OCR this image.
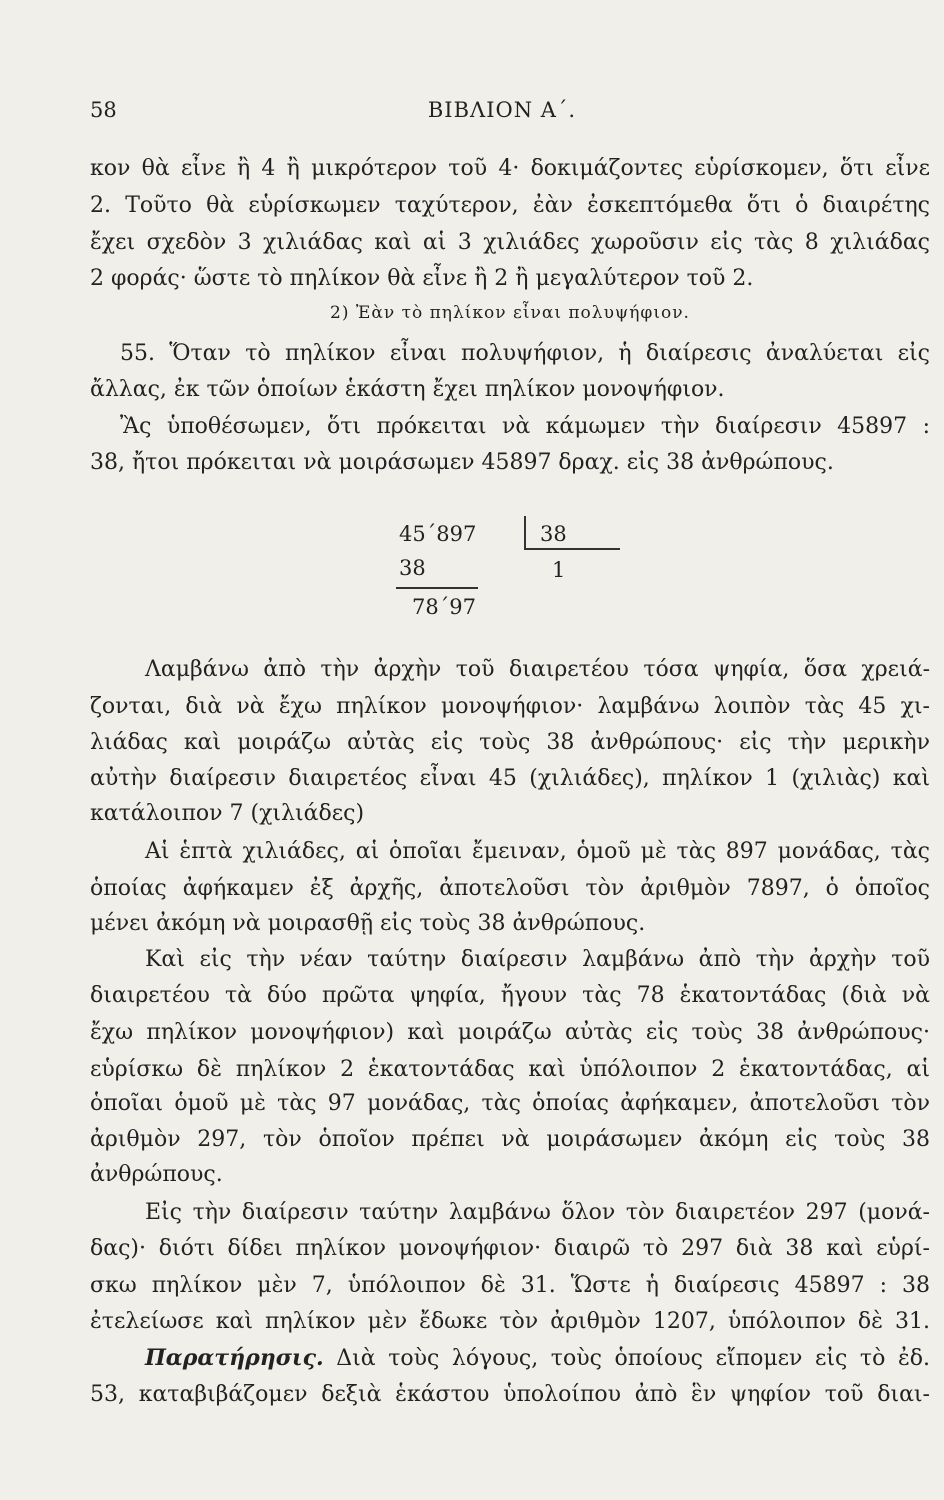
58	ΒΙΒΛΙΟΝ Α΄.
κον θὰ εἶνε ἢ 4 ἢ μικρότερον τοῦ 4· δοκιμάζοντες εὑρίσκομεν, ὅτι εἶνε
2. Τοῦτο θὰ εὑρίσκωμεν ταχύτερον, ἐὰν ἐσκεπτόμεθα ὅτι ὁ διαιρέτης
ἔχει σχεδὸν 3 χιλιάδας καὶ αἱ 3 χιλιάδες χωροῦσιν εἰς τὰς 8 χιλιάδας
2 φοράς· ὥστε τὸ πηλίκον θὰ εἶνε ἢ 2 ἢ μεγαλύτερον τοῦ 2.
2) Ἐὰν τὸ πηλίκον εἶναι πολυψήφιον.
55. Ὅταν τὸ πηλίκον εἶναι πολυψήφιον, ἡ διαίρεσις ἀναλύεται εἰς
ἄλλας, ἐκ τῶν ὁποίων ἑκάστη ἔχει πηλίκον μονοψήφιον.
Ἂς ὑποθέσωμεν, ὅτι πρόκειται νὰ κάμωμεν τὴν διαίρεσιν 45897 :
38, ἤτοι πρόκειται νὰ μοιράσωμεν 45897 δραχ. εἰς 38 ἀνθρώπους.
45΄897	38
38	1
78΄97
Λαμβάνω ἀπὸ τὴν ἀρχὴν τοῦ διαιρετέου τόσα ψηφία, ὅσα χρειά-
ζονται, διὰ νὰ ἔχω πηλίκον μονοψήφιον· λαμβάνω λοιπὸν τὰς 45 χι-
λιάδας καὶ μοιράζω αὐτὰς εἰς τοὺς 38 ἀνθρώπους· εἰς τὴν μερικὴν
αὐτὴν διαίρεσιν διαιρετέος εἶναι 45 (χιλιάδες), πηλίκον 1 (χιλιὰς) καὶ
κατάλοιπον 7 (χιλιάδες)
Αἱ ἑπτὰ χιλιάδες, αἱ ὁποῖαι ἔμειναν, ὁμοῦ μὲ τὰς 897 μονάδας, τὰς
ὁποίας ἀφήκαμεν ἐξ ἀρχῆς, ἀποτελοῦσι τὸν ἀριθμὸν 7897, ὁ ὁποῖος
μένει ἀκόμη νὰ μοιρασθῇ εἰς τοὺς 38 ἀνθρώπους.
Καὶ εἰς τὴν νέαν ταύτην διαίρεσιν λαμβάνω ἀπὸ τὴν ἀρχὴν τοῦ
διαιρετέου τὰ δύο πρῶτα ψηφία, ἤγουν τὰς 78 ἑκατοντάδας (διὰ νὰ
ἔχω πηλίκον μονοψήφιον) καὶ μοιράζω αὐτὰς εἰς τοὺς 38 ἀνθρώπους·
εὑρίσκω δὲ πηλίκον 2 ἑκατοντάδας καὶ ὑπόλοιπον 2 ἑκατοντάδας, αἱ
ὁποῖαι ὁμοῦ μὲ τὰς 97 μονάδας, τὰς ὁποίας ἀφήκαμεν, ἀποτελοῦσι τὸν
ἀριθμὸν 297, τὸν ὁποῖον πρέπει νὰ μοιράσωμεν ἀκόμη εἰς τοὺς 38
ἀνθρώπους.
Εἰς τὴν διαίρεσιν ταύτην λαμβάνω ὅλον τὸν διαιρετέον 297 (μονά-
δας)· διότι δίδει πηλίκον μονοψήφιον· διαιρῶ τὸ 297 διὰ 38 καὶ εὑρί-
σκω πηλίκον μὲν 7, ὑπόλοιπον δὲ 31. Ὥστε ἡ διαίρεσις 45897 : 38
ἐτελείωσε καὶ πηλίκον μὲν ἔδωκε τὸν ἀριθμὸν 1207, ὑπόλοιπον δὲ 31.
Παρατήρησις. Διὰ τοὺς λόγους, τοὺς ὁποίους εἴπομεν εἰς τὸ ἐδ.
53, καταβιβάζομεν δεξιὰ ἑκάστου ὑπολοίπου ἀπὸ ἓν ψηφίον τοῦ διαι-
